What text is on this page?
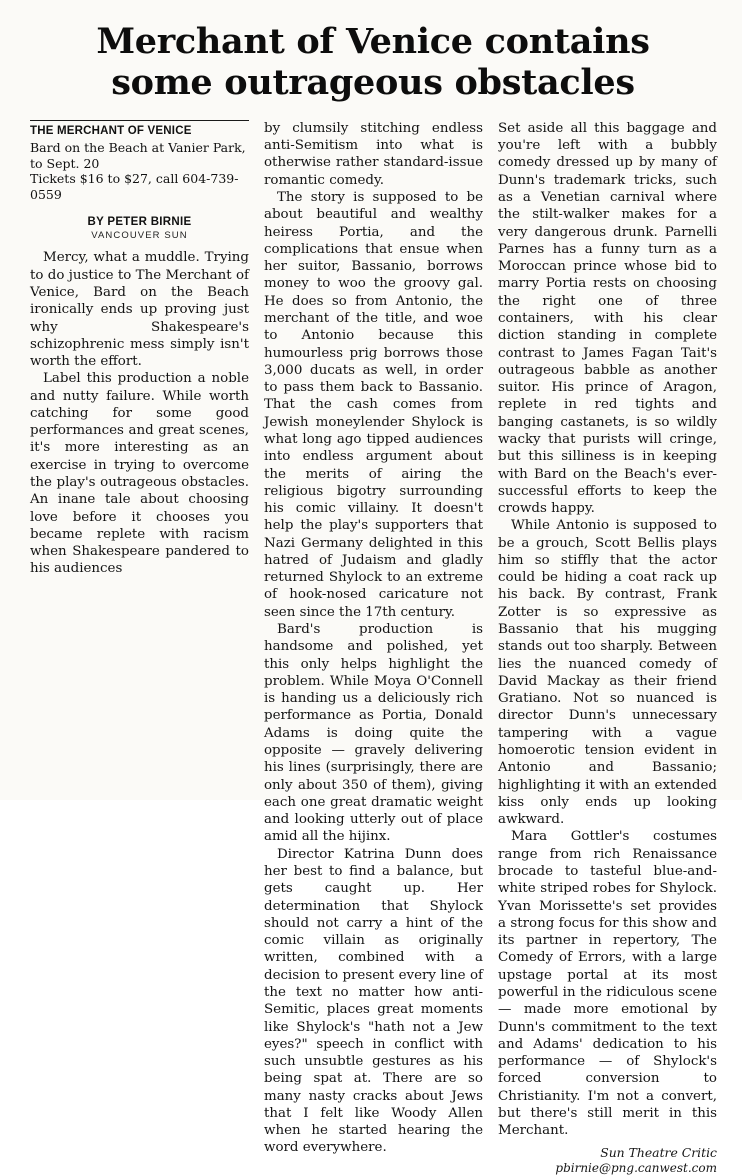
Merchant of Venice contains
some outrageous obstacles
THE MERCHANT OF VENICE
Bard on the Beach at Vanier Park, to Sept. 20
Tickets $16 to $27, call 604-739-0559
BY PETER BIRNIE
VANCOUVER SUN

Mercy, what a muddle. Trying to do justice to The Merchant of Venice, Bard on the Beach ironically ends up proving just why Shakespeare's schizophrenic mess simply isn't worth the effort.

Label this production a noble and nutty failure. While worth catching for some good performances and great scenes, it's more interesting as an exercise in trying to overcome the play's outrageous obstacles. An inane tale about choosing love before it chooses you became replete with racism when Shakespeare pandered to his audiences

by clumsily stitching endless anti-Semitism into what is otherwise rather standard-issue romantic comedy.

The story is supposed to be about beautiful and wealthy heiress Portia, and the complications that ensue when her suitor, Bassanio, borrows money to woo the groovy gal. He does so from Antonio, the merchant of the title, and woe to Antonio because this humourless prig borrows those 3,000 ducats as well, in order to pass them back to Bassanio. That the cash comes from Jewish moneylender Shylock is what long ago tipped audiences into endless argument about the merits of airing the religious bigotry surrounding his comic villainy. It doesn't help the play's supporters that Nazi Germany delighted in this hatred of Judaism and gladly returned Shylock to an extreme of hook-nosed caricature not seen since the 17th century.

Bard's production is handsome and polished, yet this only helps highlight the problem. While Moya O'Connell is handing us a deliciously rich performance as Portia, Donald Adams is doing quite the opposite — gravely delivering his lines (surprisingly, there are only about 350 of them), giving each one great dramatic weight and looking utterly out of place amid all the hijinx.

Director Katrina Dunn does her best to find a balance, but gets caught up. Her determination that Shylock should not carry a hint of the comic villain as originally written, combined with a decision to present every line of the text no matter how anti-Semitic, places great moments like Shylock's "hath not a Jew eyes?" speech in conflict with such unsubtle gestures as his being spat at. There are so many nasty cracks about Jews that I felt like Woody Allen when he started hearing the word everywhere.

Set aside all this baggage and you're left with a bubbly comedy dressed up by many of Dunn's trademark tricks, such as a Venetian carnival where the stilt-walker makes for a very dangerous drunk. Parnelli Parnes has a funny turn as a Moroccan prince whose bid to marry Portia rests on choosing the right one of three containers, with his clear diction standing in complete contrast to James Fagan Tait's outrageous babble as another suitor. His prince of Aragon, replete in red tights and banging castanets, is so wildly wacky that purists will cringe, but this silliness is in keeping with Bard on the Beach's ever-successful efforts to keep the crowds happy.

While Antonio is supposed to be a grouch, Scott Bellis plays him so stiffly that the actor could be hiding a coat rack up his back. By contrast, Frank Zotter is so expressive as Bassanio that his mugging stands out too sharply. Between lies the nuanced comedy of David Mackay as their friend Gratiano. Not so nuanced is director Dunn's unnecessary tampering with a vague homoerotic tension evident in Antonio and Bassanio; highlighting it with an extended kiss only ends up looking awkward.

Mara Gottler's costumes range from rich Renaissance brocade to tasteful blue-and-white striped robes for Shylock. Yvan Morissette's set provides a strong focus for this show and its partner in repertory, The Comedy of Errors, with a large upstage portal at its most powerful in the ridiculous scene — made more emotional by Dunn's commitment to the text and Adams' dedication to his performance — of Shylock's forced conversion to Christianity. I'm not a convert, but there's still merit in this Merchant.

Sun Theatre Critic
pbirnie@png.canwest.com
